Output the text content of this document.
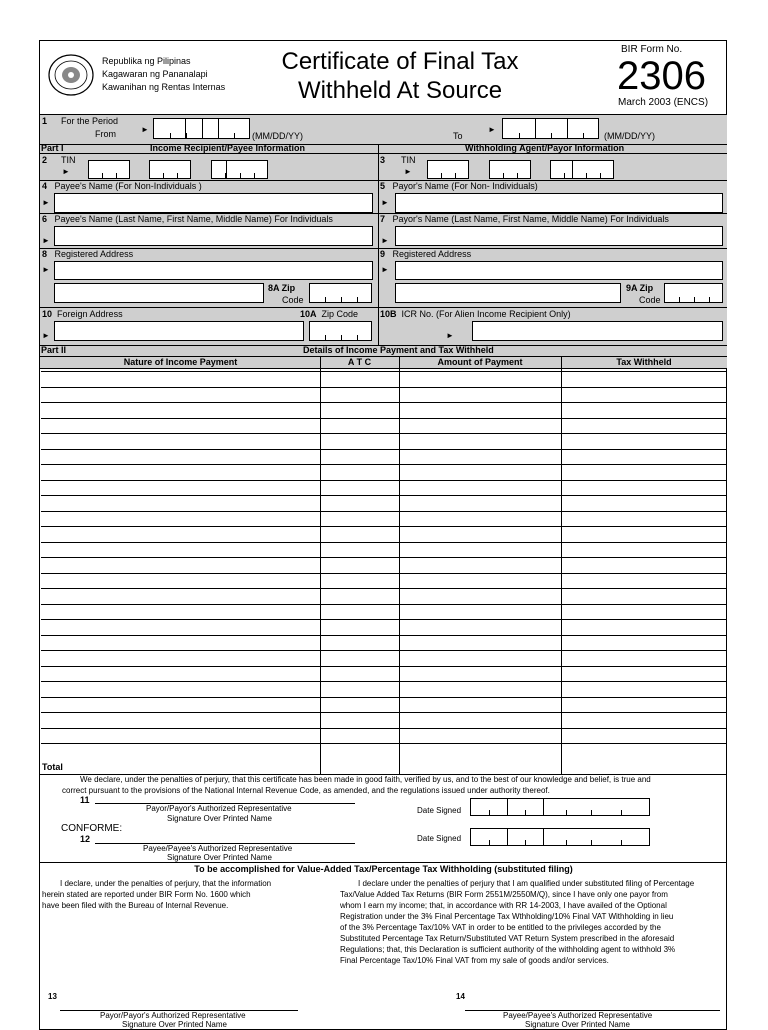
Republika ng Pilipinas
Kagawaran ng Pananalapi
Kawanihan ng Rentas Internas
Certificate of Final Tax
Withheld At Source
BIR Form No.
2306
March 2003 (ENCS)
1 For the Period
From	►
(MM/DD/YY)	To
►
(MM/DD/YY)
Part I	Income Recipient/Payee Information	Withholding Agent/Payor Information
2 TIN
►
3 TIN
►
4 Payee's Name (For Non-Individuals )
►
5 Payor's Name (For Non- Individuals)
►
6 Payee's Name (Last Name, First Name, Middle Name) For Individuals
►
7 Payor's Name (Last Name, First Name, Middle Name) For Individuals
►
8 Registered Address
►
9 Registered Address
►
8A Zip
Code
9A Zip
Code
10 Foreign Address	10A Zip Code 10B ICR No. (For Alien Income Recipient Only)
►	►
Part II	Details of Income Payment and Tax Withheld
Nature of Income Payment	A T C	Amount of Payment	Tax Withheld
Total
We declare, under the penalties of perjury, that this certificate has been made in good faith, verified by us, and to the best of our knowledge and belief, is true and
correct pursuant to the provisions of the National Internal Revenue Code, as amended, and the regulations issued under authority thereof.
11
Payor/Payor's Authorized Representative
Signature Over Printed Name
Date Signed
CONFORME:
12
Payee/Payee's Authorized Representative
Signature Over Printed Name
Date Signed
To be accomplished for Value-Added Tax/Percentage Tax Withholding (substituted filing)
I declare, under the penalties of perjury, that the information
herein stated are reported under BIR Form No. 1600 which
have been filed with the Bureau of Internal Revenue.
I declare under the penalties of perjury that I am qualified under substituted filing of Percentage
Tax/Value Added Tax Returns (BIR Form 2551M/2550M/Q), since I have only one payor from
whom I earn my income; that, in accordance with RR 14-2003, I have availed of the Optional
Registration under the 3% Final Percentage Tax Wthholding/10% Final VAT Withholding in lieu
of the 3% Percentage Tax/10% VAT in order to be entitled to the privileges accorded by the
Substituted Percentage Tax Return/Substituted VAT Return System prescribed in the aforesaid
Regulations; that, this Declaration is sufficient authority of the withholding agent to withhold 3%
Final Percentage Tax/10% Final VAT from my sale of goods and/or services.
13	14
Payor/Payor's Authorized Representative	Payee/Payee's Authorized Representative
Signature Over Printed Name	Signature Over Printed Name
